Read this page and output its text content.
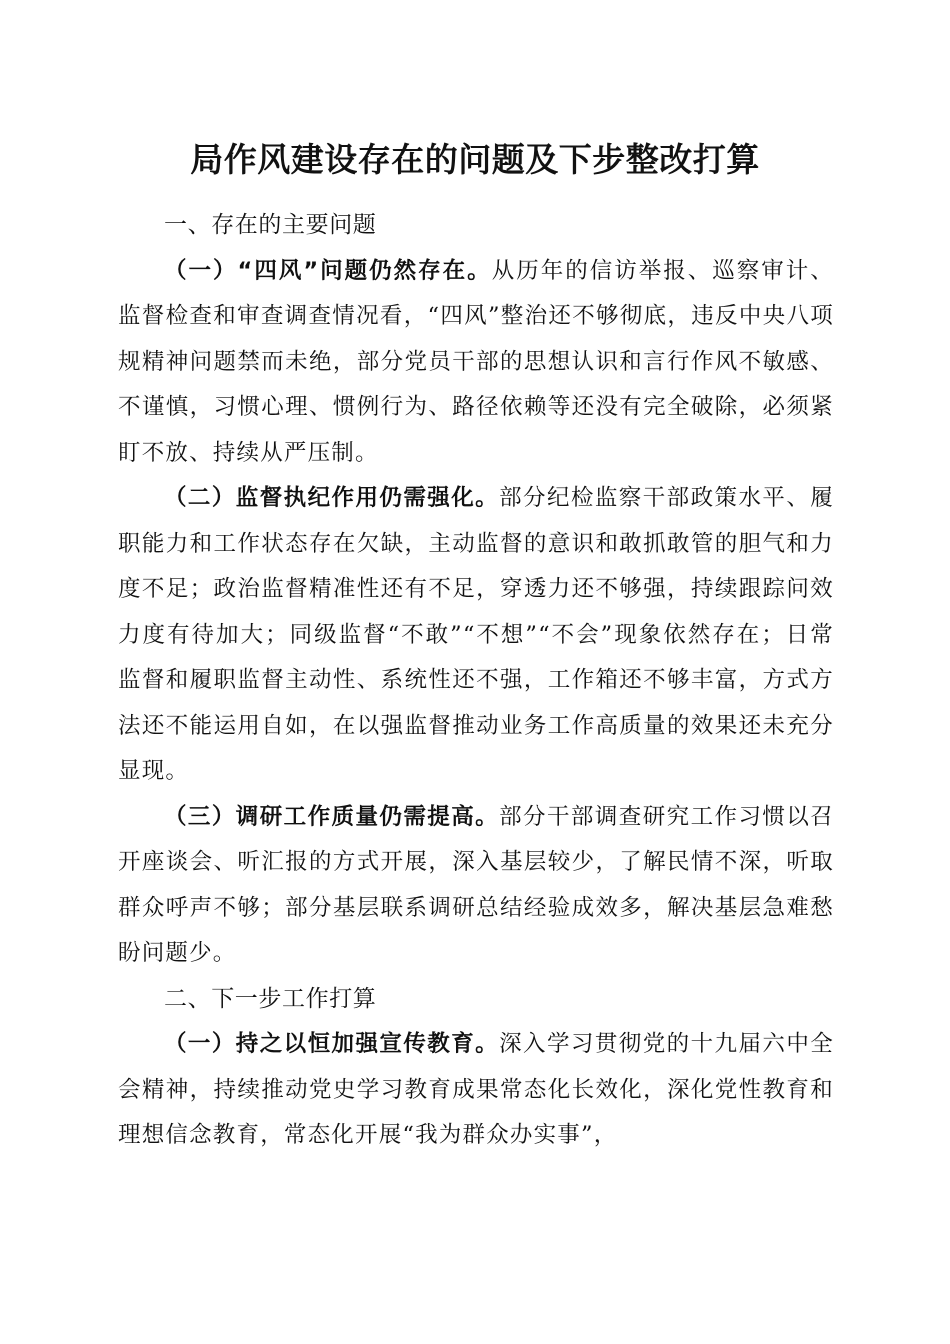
局作风建设存在的问题及下步整改打算

一、存在的主要问题

（一）“四风”问题仍然存在。从历年的信访举报、巡察审计、监督检查和审查调查情况看，“四风”整治还不够彻底，违反中央八项规精神问题禁而未绝，部分党员干部的思想认识和言行作风不敏感、不谨慎，习惯心理、惯例行为、路径依赖等还没有完全破除，必须紧盯不放、持续从严压制。

（二）监督执纪作用仍需强化。部分纪检监察干部政策水平、履职能力和工作状态存在欠缺，主动监督的意识和敢抓敢管的胆气和力度不足；政治监督精准性还有不足，穿透力还不够强，持续跟踪问效力度有待加大；同级监督“不敢”“不想”“不会”现象依然存在；日常监督和履职监督主动性、系统性还不强，工作箱还不够丰富，方式方法还不能运用自如，在以强监督推动业务工作高质量的效果还未充分显现。

（三）调研工作质量仍需提高。部分干部调查研究工作习惯以召开座谈会、听汇报的方式开展，深入基层较少，了解民情不深，听取群众呼声不够；部分基层联系调研总结经验成效多，解决基层急难愁盼问题少。

二、下一步工作打算

（一）持之以恒加强宣传教育。深入学习贯彻党的十九届六中全会精神，持续推动党史学习教育成果常态化长效化，深化党性教育和理想信念教育，常态化开展“我为群众办实事”，
